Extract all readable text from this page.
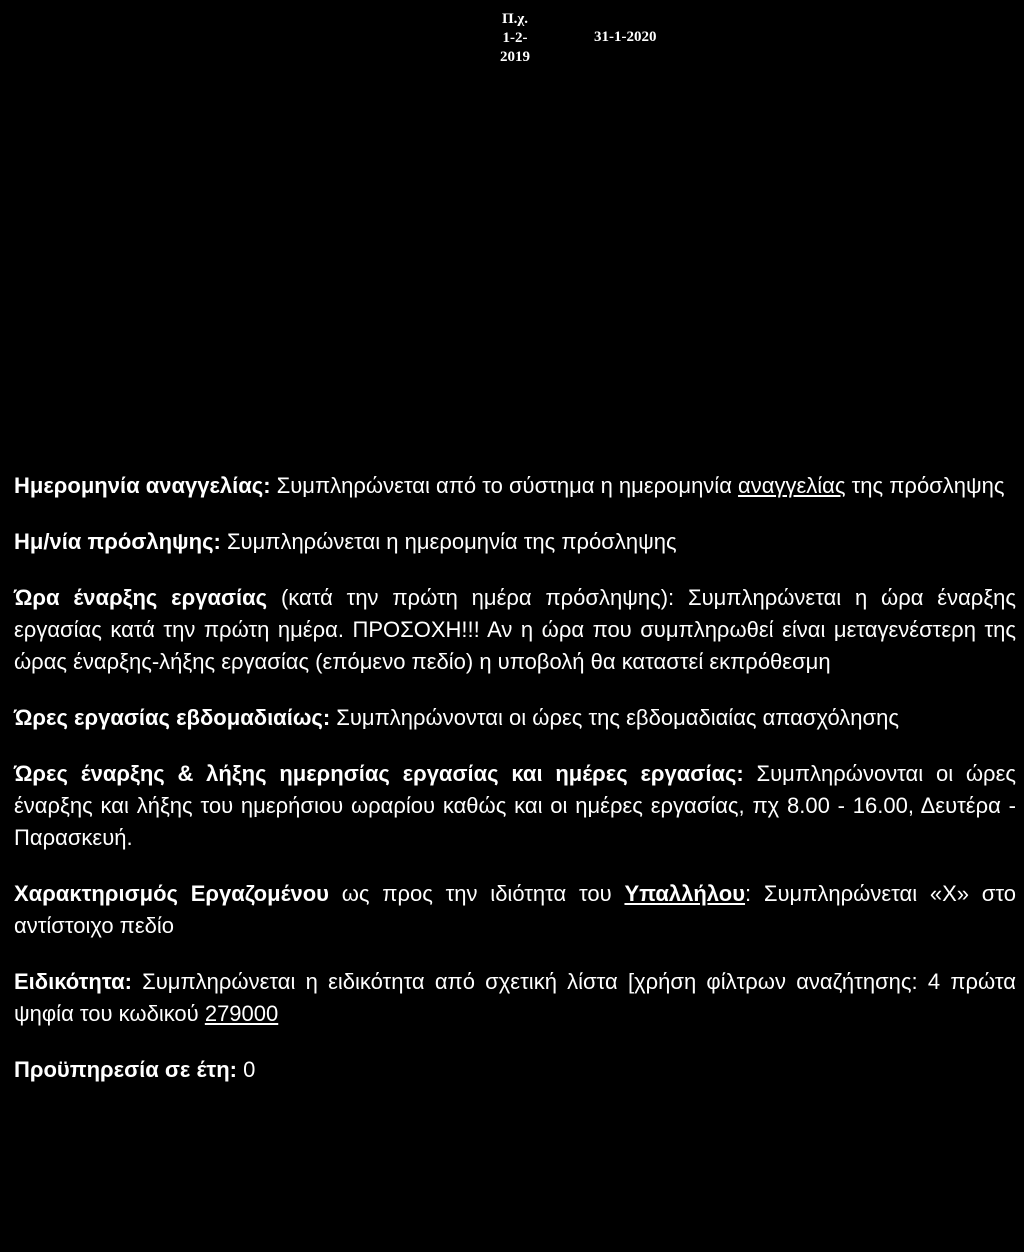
Π.χ.
1-2-
2019
31-1-2020

Ημερομηνία αναγγελίας: Συμπληρώνεται από το σύστημα η ημερομηνία αναγγελίας της πρόσληψης

Ημ/νία πρόσληψης: Συμπληρώνεται η ημερομηνία της πρόσληψης

Ώρα έναρξης εργασίας (κατά την πρώτη ημέρα πρόσληψης): Συμπληρώνεται η ώρα έναρξης εργασίας κατά την πρώτη ημέρα. ΠΡΟΣΟΧΗ!!! Αν η ώρα που συμπληρωθεί είναι μεταγενέστερη της ώρας έναρξης-λήξης εργασίας (επόμενο πεδίο) η υποβολή θα καταστεί εκπρόθεσμη

Ώρες εργασίας εβδομαδιαίως: Συμπληρώνονται οι ώρες της εβδομαδιαίας απασχόλησης

Ώρες έναρξης & λήξης ημερησίας εργασίας και ημέρες εργασίας: Συμπληρώνονται οι ώρες έναρξης και λήξης του ημερήσιου ωραρίου καθώς και οι ημέρες εργασίας, πχ 8.00 - 16.00, Δευτέρα - Παρασκευή.

Χαρακτηρισμός Εργαζομένου ως προς την ιδιότητα του Υπαλλήλου: Συμπληρώνεται «Χ» στο αντίστοιχο πεδίο

Ειδικότητα: Συμπληρώνεται η ειδικότητα από σχετική λίστα [χρήση φίλτρων αναζήτησης: 4 πρώτα ψηφία του κωδικού 279000

Προϋπηρεσία σε έτη: 0
